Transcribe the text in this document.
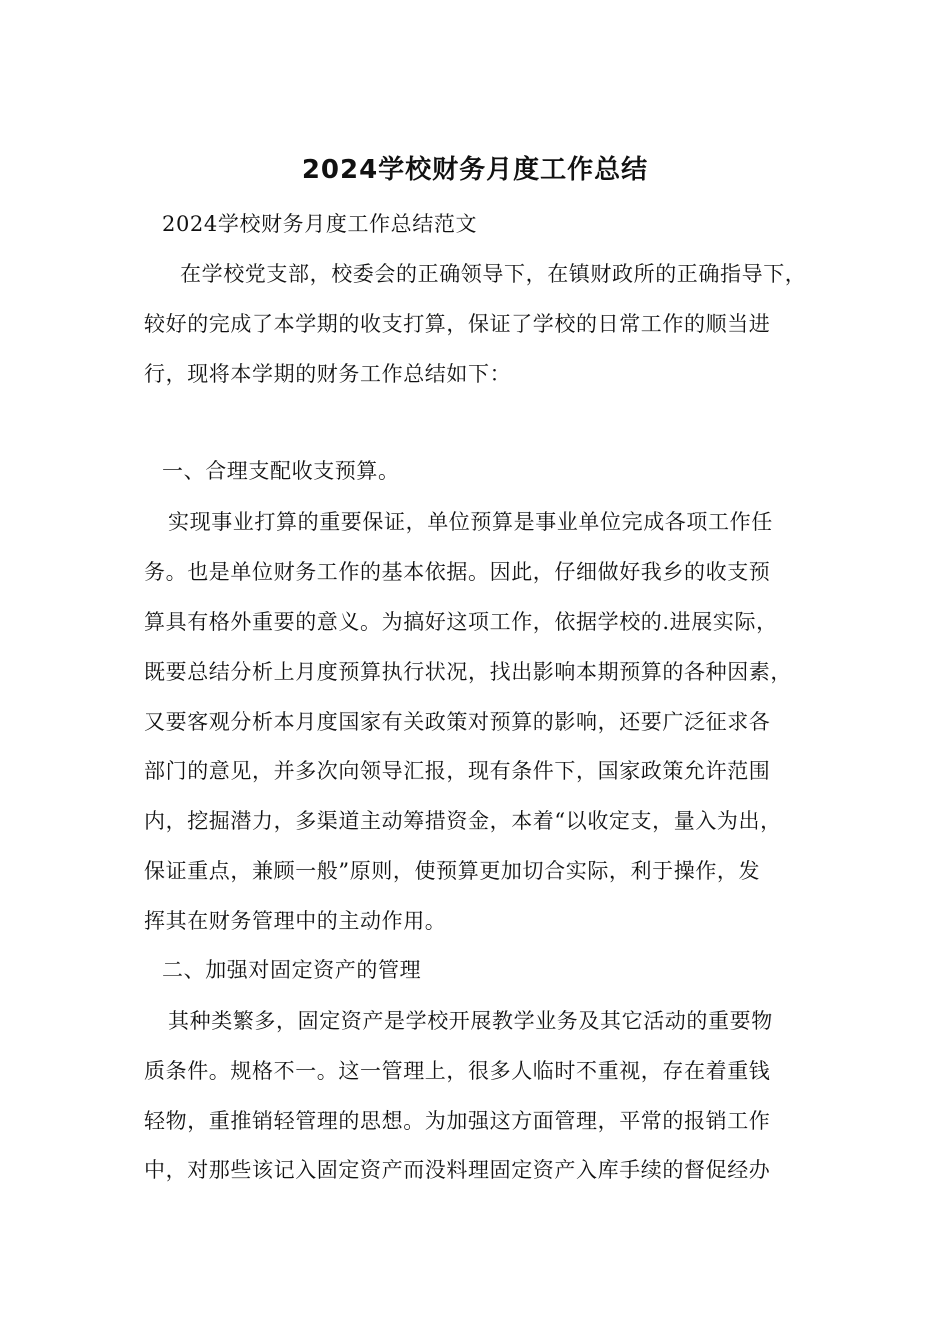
2024学校财务月度工作总结
2024学校财务月度工作总结范文
在学校党支部，校委会的正确领导下，在镇财政所的正确指导下，
较好的完成了本学期的收支打算，保证了学校的日常工作的顺当进
行，现将本学期的财务工作总结如下：
一、合理支配收支预算。
实现事业打算的重要保证，单位预算是事业单位完成各项工作任
务。也是单位财务工作的基本依据。因此，仔细做好我乡的收支预
算具有格外重要的意义。为搞好这项工作，依据学校的.进展实际，
既要总结分析上月度预算执行状况，找出影响本期预算的各种因素，
又要客观分析本月度国家有关政策对预算的影响，还要广泛征求各
部门的意见，并多次向领导汇报，现有条件下，国家政策允许范围
内，挖掘潜力，多渠道主动筹措资金，本着“以收定支，量入为出，
保证重点，兼顾一般”原则，使预算更加切合实际，利于操作，发
挥其在财务管理中的主动作用。
二、加强对固定资产的管理
其种类繁多，固定资产是学校开展教学业务及其它活动的重要物
质条件。规格不一。这一管理上，很多人临时不重视，存在着重钱
轻物，重推销轻管理的思想。为加强这方面管理，平常的报销工作
中，对那些该记入固定资产而没料理固定资产入库手续的督促经办
